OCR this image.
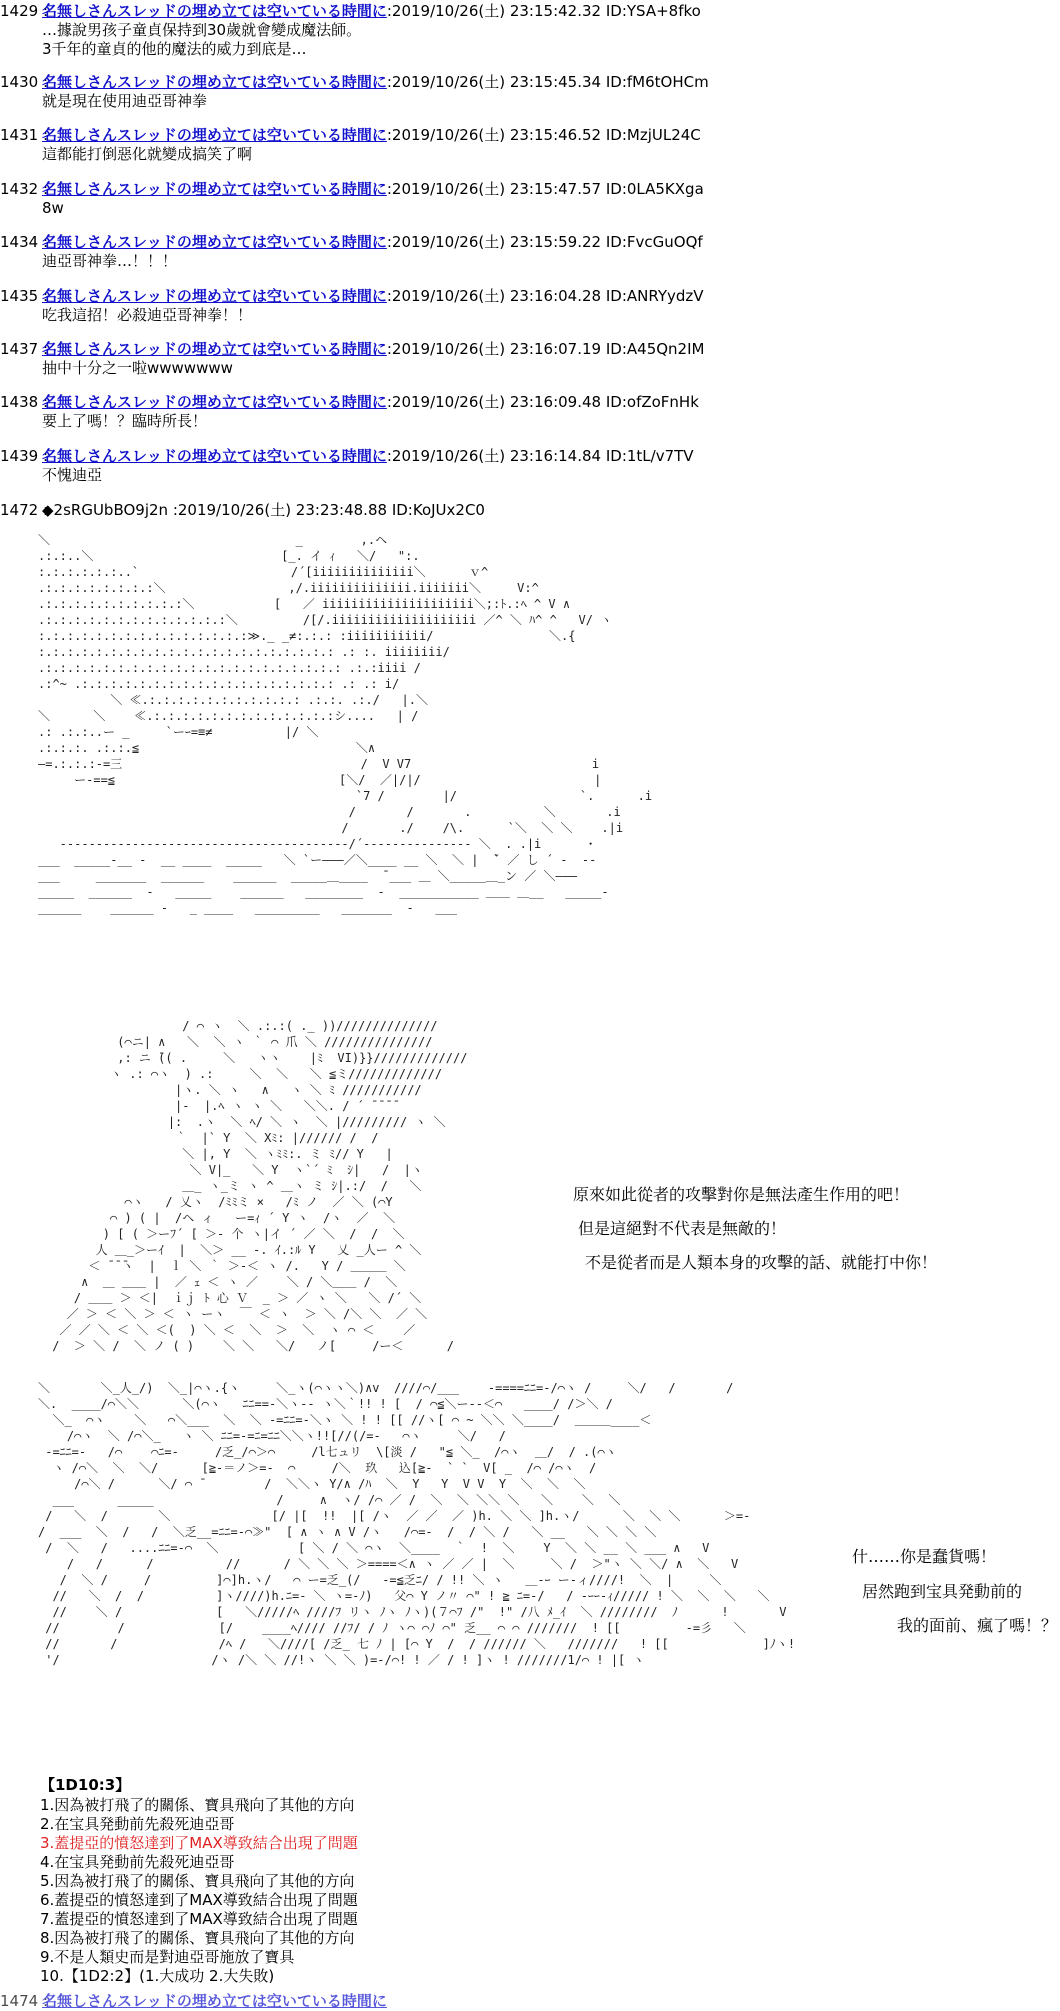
1429 :名無しさんスレッドの埋め立ては空いている時間に:2019/10/26(土) 23:15:42.32 ID:YSA+8fko
…據說男孩子童貞保持到30歲就會變成魔法師。
3千年的童貞的他的魔法的威力到底是…
1430 :名無しさんスレッドの埋め立ては空いている時間に:2019/10/26(土) 23:15:45.34 ID:fM6tOHCm
就是現在使用迪亞哥神拳
1431 :名無しさんスレッドの埋め立ては空いている時間に:2019/10/26(土) 23:15:46.52 ID:MzjUL24C
這都能打倒惡化就變成搞笑了啊
1432 :名無しさんスレッドの埋め立ては空いている時間に:2019/10/26(土) 23:15:47.57 ID:0LA5KXga
8w
1434 :名無しさんスレッドの埋め立ては空いている時間に:2019/10/26(土) 23:15:59.22 ID:FvcGuOQf
迪亞哥神拳…！！！
1435 :名無しさんスレッドの埋め立ては空いている時間に:2019/10/26(土) 23:16:04.28 ID:ANRYydzV
吃我這招！必殺迪亞哥神拳！！
1437 :名無しさんスレッドの埋め立ては空いている時間に:2019/10/26(土) 23:16:07.19 ID:A45Qn2IM
抽中十分之一啦wwwwwww
1438 :名無しさんスレッドの埋め立ては空いている時間に:2019/10/26(土) 23:16:09.48 ID:ofZoFnHk
要上了嗎！？臨時所長！
1439 :名無しさんスレッドの埋め立ては空いている時間に:2019/10/26(土) 23:16:14.84 ID:1tL/v7TV
不愧迪亞
1472 :◆2sRGUbBO9j2n :2019/10/26(土) 23:23:48.88 ID:KoJUx2C0
＼                                  _        ,.ヘ
.:.:..＼                          [_. イ ｨ   ＼/   ":.
:.:.:.:.:.:..`                     /´[iiiiiiiiiiiiii＼      ｖ^
.:.:.:.:.:.:.:.:＼                 ,/.iiiiiiiiiiiiii.iiiiiii＼     V:^
.:.:.:.:.:.:.:.:.:.:＼           [   ／ iiiiiiiiiiiiiiiiiiiii＼;:ﾄ.:ﾍ ^ V ∧
.:.:.:.:.:.:.:.:.:.:.:.:.:＼         /[/.iiiiiiiiiiiiiiiiiiii ／^ ＼ ﾊ^ ^   V/ ヽ
:.:.:.:.:.:.:.:.:.:.:.:.:.:.:≫._ _≠:.:.: :iiiiiiiiiii/                ＼.{
:.:.:.:.:.:.:.:.:.:.:.:.:.:.:.:.:.:.:.:.: .: :. iiiiiiii/
.:.:.:.:.:.:.:.:.:.:.:.:.:.:.:.:.:.:.:.:.: .:.:iiii /
.:^~ .:.:.:.:.:.:.:.:.:.:.:.:.:.:.:.:.:.: .: .: i/
＼ ≪.:.:.:.:.:.:.:.:.:.:.: .:.:. .:./   |.＼
＼      ＼    ≪.:.:.:.:.:.:.:.:.:.:.:.:.:シ....   | /
.: .:.:..ー _     `ーｰ=≡≠          |/ ＼
.:.:.:. .:.:.≦                              ＼∧
―=.:.:.:-=三                                 /  V V7                         i
ー-==≦                               [＼/  ／|/|/                        |
`7 /        |/                 `.      .i
/       /       .          ＼       .i
/       ./    /\.      `＼  ＼ ＼    .|i
----------------------------------------/´--------------- ＼  . .|i      ・
___  _____-__ -  __ ____  _____   ＼ `ー―――／＼____ __ ＼  ＼ |  ̄` ／ し ´ -  --
___     _______  ______    ______  _____＿____  ̄ ___ ＿ ＼_____＿_ン ／ ＼―――
_____  ______  -   _____    ______   ________  -  ___________ ＿＿ ＿__   _____-
______    ______ -   _ ____   _________   _______  -   ___
/ ⌒ ヽ  ＼ .:.:( ._ ))//////////////
(⌒ニ| ∧   ＼  ＼ ヽ ｀ ⌒ 爪 ＼ ///////////////
,: ニ ̄(( .     ＼   ヽヽ    |ﾐ  VI)}}/////////////
ヽ .: ⌒ヽ  ) .:     ＼  ＼   ＼ ≦ミ/////////////
|ヽ. ＼ ヽ   ∧   ヽ ＼ ﾐ ///////////
|-  |.ﾍ ヽ ヽ ＼   ＼＼. / ´ ̄ ̄ ̄ ̄
|:  .ヽ  ＼ ﾍ/ ＼ ヽ  ＼ |///////// ヽ ＼
｀  |` Y  ＼ Xﾐ: |////// /  /
＼ |, Y  ＼ ヽﾐﾐ:. ミ ﾐ// Y   |
＼ V|_   ＼ Y  ヽ`´ ﾐ  ｼ|   /  |ヽ
＿_ ヽ_ミ ヽ ^ ＿ヽ ミ ｼ|.:/  /   ＼
⌒ヽ   / 乂ヽ  /ﾐﾐミ ×   /ﾐ ノ  ／ ＼ (⌒Y
⌒ ) ( |  /ヘ ィ   ー=ｨ ´ Y ヽ  /ヽ  ／  ＼
) [ ( ＞ーﾌ´ [ ＞- 个 ヽ|イ ´ ／ ＼  /  /  ＼
人 ＿_＞ーｲ  |  ＼＞ __ -. ｲ.:ﾙ Y   乂 _人ー ^ ＼
＜ ̄ ̄ ̄ヽ  |  ｌ ＼ ｀ ＞-＜ ヽ /.   Y / ＿＿＿ ＼
∧  ＿ ＿＿ |  ／ ｪ ＜ ヽ ／    ＼ / ＼＿＿ /  ＼
/ ＿＿ ＞ ＜|  ｉｊ ﾄ 心 Ｖ  _ ＞ ／ ヽ ＼   ＼ /´ ＼
／ ＞ ＜ ＼ ＞ ＜ ヽ ーヽ  ￣ ＜ ヽ  ＞ ＼ /＼ ＼  ／ ＼
／ ／ ＼ ＜ ＼ ＜(  ) ＼ ＜  ＼  ＞  ＼  ヽ ⌒ ＜    ／
/  ＞ ＼ /  ＼ ノ ( )    ＼ ＼   ＼/   ノ[     /ー＜      /
原來如此從者的攻擊對你是無法產生作用的吧！
但是這絕對不代表是無敵的！
不是從者而是人類本身的攻擊的話、就能打中你！
＼       ＼_人_/)  ＼_|⌒ヽ.{ヽ     ＼_ヽ(⌒ヽヽ＼)∧v  ////⌒/___    -====ﾆﾆ=-/⌒ヽ /     ＼/   /       /
＼.  ____/⌒＼＼      ＼(⌒ヽ   ﾆﾆ==-＼ヽ-- ヽ＼｀!! ! [  / ⌒≦＼ー--＜⌒   ____/ /＞＼ /
＼_  ⌒ヽ    ＼   ⌒＼___  ＼  ＼ -=ﾆﾆ=-＼ヽ ＼ ! ! [[ //ヽ[ ⌒ ~ ＼＼ ＼____/  ＿＿＿____＜
/⌒ヽ  ＼ /⌒＼_   ヽ ＼ ﾆﾆ=-=ﾆ=ﾆﾆ＼＼ヽ!![//(/=-   ⌒ヽ     ＼/   /
-=ﾆﾆ=-   /⌒    ⌒ﾆ=-     /乏_/⌒＞⌒     /l七ュリ  \[淡 /   "≦ ＼_  /⌒ヽ  ＿/  / .(⌒ヽ
ヽ /⌒＼  ＼  ＼/      [≧-＝ノ＞=-  ⌒     /＼  玖   込[≧-  ` `  V[ _  /⌒ /⌒ヽ  /
/⌒＼ /      ＼/ ⌒ ̄         /  ＼＼ヽ Y/∧ /ﾊ  ＼  Y   Y  V V  Y  ＼  ＼  ＼
___      _____                 /     ∧  ヽ/ /⌒ ／ /  ＼  ＼ ＼＼ ＼   ＼    ＼  ＼
/   ＼  /       ＼              [/ |[  !!  |[ /ヽ  ／ ／  ／ )h. ＼ ＼ ]h.ヽ/      ＼  ＼ ＼      ＞=-
/  ___  ＼  /   /  ＼乏__=ﾆﾆ=-⌒≫"  [ ∧ ヽ ∧ V /ヽ   /⌒=-  /  / ＼ /   ＼ __   ＼ ＼ ＼ ＼
/  ＼   /   ....ﾆﾆ=-⌒  ＼           [ ＼ / ＼ ⌒ヽ  ＼____  ｀  !  ＼    Y  ＼ ＼ __ ＼ ___ ∧   V
/   /      /          //      / ＼ ＼ ＼ ＞====＜∧ ヽ ／ ／ |  ＼     ＼ /  ＞"ヽ ＼ ＼/ ∧  ＼   V
/  ＼ /     /         ]⌒]h.ヽ/   ⌒ ー=乏_(/   -=≦乏ﾆ/ / !! ＼ ヽ   ＿-ｰ ー-ィ////!  ＼  |     ＼
//   ＼  /  /          ]ヽ////)h.ﾆ=- ＼ ヽ=-ﾉ)   父⌒ Y ノ〃 ⌒" ! ≧ ﾆ=-/   / -ｰｰ-ｨ///// ! ＼  ＼  ＼   ＼
//    ＼ /             [   ＼/////ﾍ ////ﾌ リヽ ﾉヽ ﾉヽ)(７⌒ﾌ /"  !" /八 ﾒ_ｲ  ＼ ////////  ﾉ      !       V
//        /             [/    ____ﾍ//// //ﾌ/ / ﾉ ヽ⌒ ⌒ﾉ ⌒" 乏__ ⌒ ⌒ ///////  ! [[         -=彡   ＼
//       /              /ﾍ /   ＼////[ /乏_ 七 ﾉ | [⌒ Y  /  / ////// ＼   ///////   ! [[             ]ﾉヽ!
'/                     /ヽ /＼ ＼ //!ヽ ＼ ＼ )=-/⌒! ! ／ / ! ]ヽ ! ///////1/⌒ ! |[ ヽ
什……你是蠢貨嗎！
居然跑到宝具発動前的
我的面前、瘋了嗎！？
【1D10:3】
1.因為被打飛了的關係、寶具飛向了其他的方向
2.在宝具発動前先殺死迪亞哥
3.蓋提亞的憤怒達到了MAX導致結合出現了問題
4.在宝具発動前先殺死迪亞哥
5.因為被打飛了的關係、寶具飛向了其他的方向
6.蓋提亞的憤怒達到了MAX導致結合出現了問題
7.蓋提亞的憤怒達到了MAX導致結合出現了問題
8.因為被打飛了的關係、寶具飛向了其他的方向
9.不是人類史而是對迪亞哥施放了寶具
10.【1D2:2】(1.大成功 2.大失敗)
1474 :名無しさんスレッドの埋め立ては空いている時間に
